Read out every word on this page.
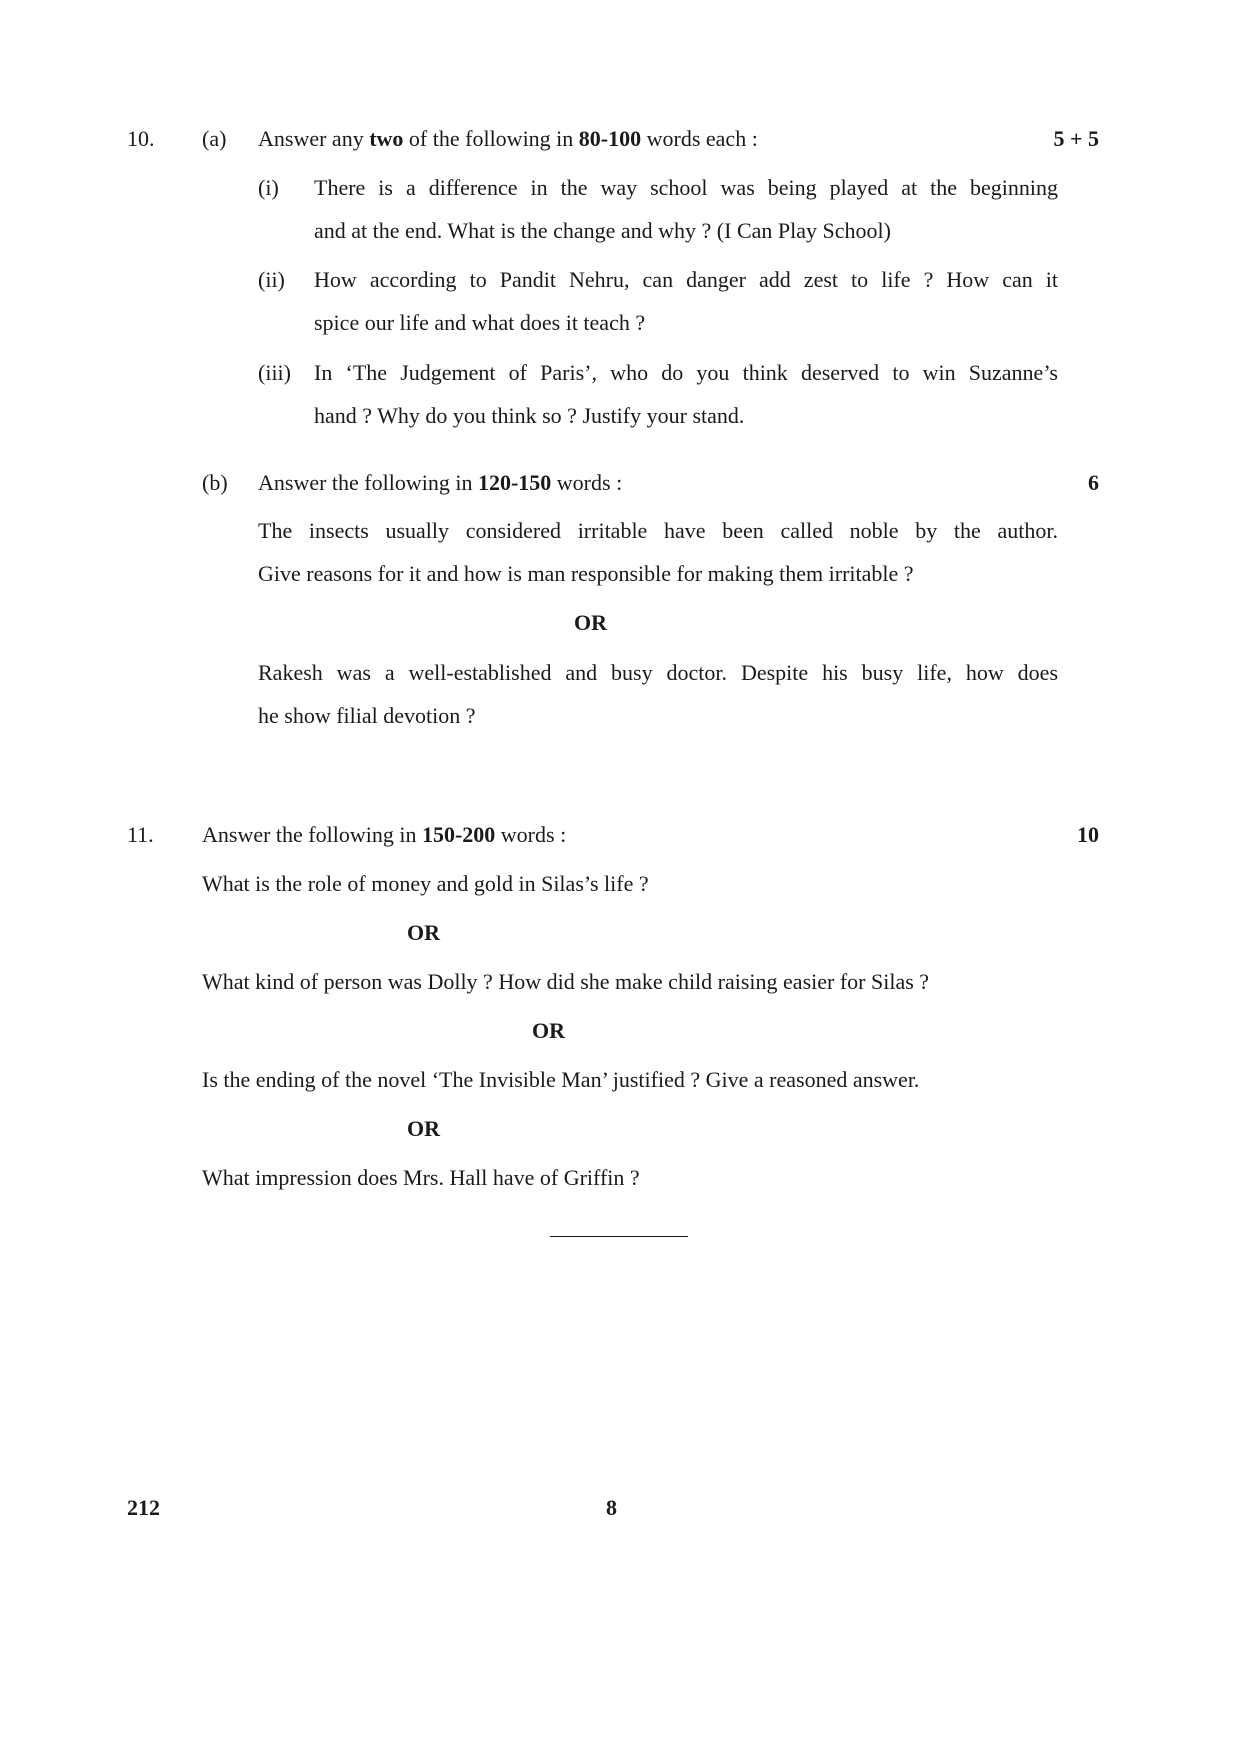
10. (a) Answer any two of the following in 80-100 words each :	5 + 5
(i) There is a difference in the way school was being played at the beginning
and at the end. What is the change and why ? (I Can Play School)
(ii) How according to Pandit Nehru, can danger add zest to life ? How can it
spice our life and what does it teach ?
(iii) In ‘The Judgement of Paris’, who do you think deserved to win Suzanne’s
hand ? Why do you think so ? Justify your stand.
(b) Answer the following in 120-150 words :	6
The insects usually considered irritable have been called noble by the author.
Give reasons for it and how is man responsible for making them irritable ?
OR
Rakesh was a well-established and busy doctor. Despite his busy life, how does
he show filial devotion ?
11. Answer the following in 150-200 words :	10
What is the role of money and gold in Silas’s life ?
OR
What kind of person was Dolly ? How did she make child raising easier for Silas ?
OR
Is the ending of the novel ‘The Invisible Man’ justified ? Give a reasoned answer.
OR
What impression does Mrs. Hall have of Griffin ?
212	8
